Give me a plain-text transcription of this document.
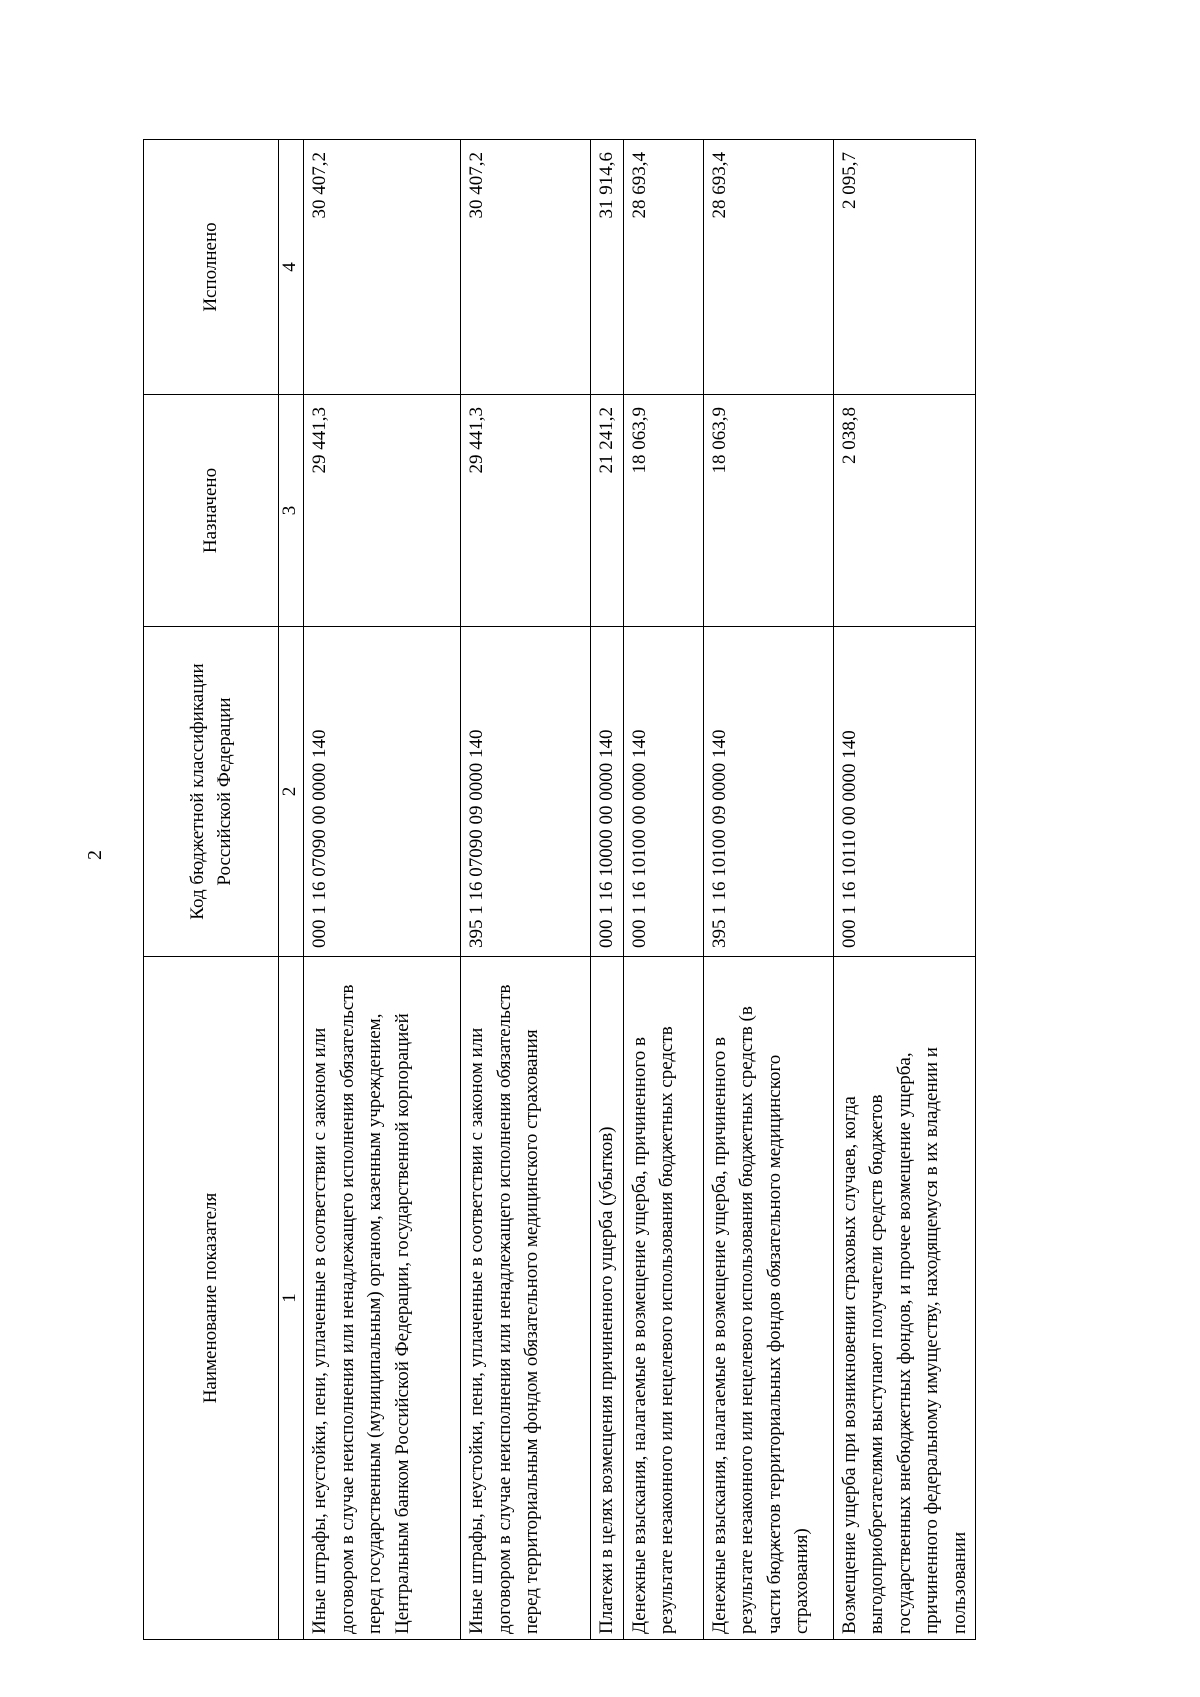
2
Наименование показателя	Код бюджетной классификации Российской Федерации	Назначено	Исполнено
1	2	3	4
Иные штрафы, неустойки, пени, уплаченные в соответствии с законом или договором в случае неисполнения или ненадлежащего исполнения обязательств перед государственным (муниципальным) органом, казенным учреждением, Центральным банком Российской Федерации, государственной корпорацией	000 1 16 07090 00 0000 140	29 441,3	30 407,2
Иные штрафы, неустойки, пени, уплаченные в соответствии с законом или договором в случае неисполнения или ненадлежащего исполнения обязательств перед территориальным фондом обязательного медицинского страхования	395 1 16 07090 09 0000 140	29 441,3	30 407,2
Платежи в целях возмещения причиненного ущерба (убытков)	000 1 16 10000 00 0000 140	21 241,2	31 914,6
Денежные взыскания, налагаемые в возмещение ущерба, причиненного в результате незаконного или нецелевого использования бюджетных средств	000 1 16 10100 00 0000 140	18 063,9	28 693,4
Денежные взыскания, налагаемые в возмещение ущерба, причиненного в результате незаконного или нецелевого использования бюджетных средств (в части бюджетов территориальных фондов обязательного медицинского страхования)	395 1 16 10100 09 0000 140	18 063,9	28 693,4
Возмещение ущерба при возникновении страховых случаев, когда выгодоприобретателями выступают получатели средств бюджетов государственных внебюджетных фондов, и прочее возмещение ущерба, причиненного федеральному имуществу, находящемуся в их владении и пользовании	000 1 16 10110 00 0000 140	2 038,8	2 095,7
